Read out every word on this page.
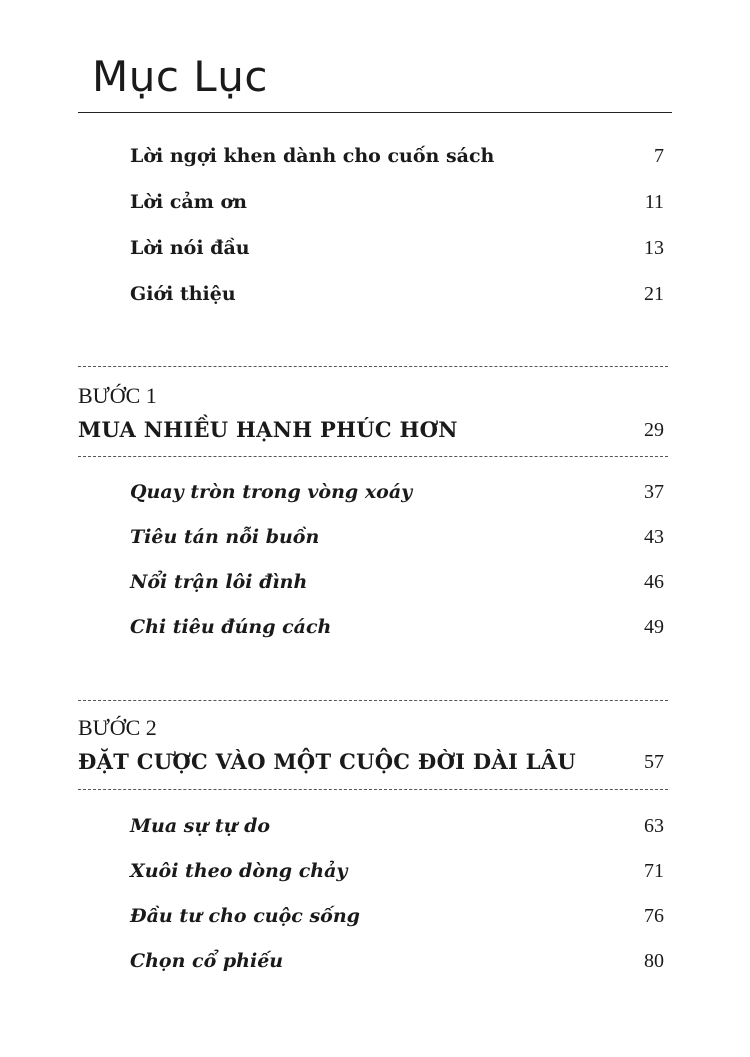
Mục Lục
Lời ngợi khen dành cho cuốn sách	7
Lời cảm ơn	11
Lời nói đầu	13
Giới thiệu	21
BƯỚC 1
MUA NHIỀU HẠNH PHÚC HƠN	29
Quay tròn trong vòng xoáy	37
Tiêu tán nỗi buồn	43
Nổi trận lôi đình	46
Chi tiêu đúng cách	49
BƯỚC 2
ĐẶT CƯỢC VÀO MỘT CUỘC ĐỜI DÀI LÂU	57
Mua sự tự do	63
Xuôi theo dòng chảy	71
Đầu tư cho cuộc sống	76
Chọn cổ phiếu	80
